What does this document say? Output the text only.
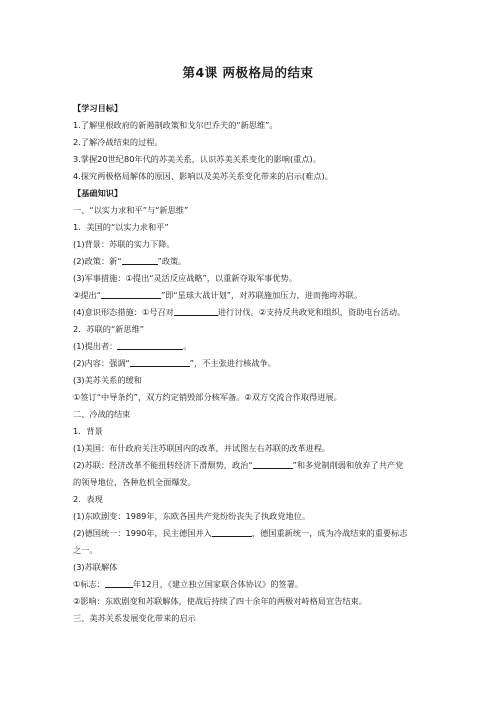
第4课 两极格局的结束
【学习目标】
1.了解里根政府的新遏制政策和戈尔巴乔夫的“新思维”。
2.了解冷战结束的过程。
3.掌握20世纪80年代的苏美关系，认识苏美关系变化的影响(重点)。
4.探究两极格局解体的原因、影响以及美苏关系变化带来的启示(难点)。
【基础知识】
一、“以实力求和平”与“新思维”
1．美国的“以实力求和平”
(1)背景：苏联的实力下降。
(2)政策：新“	”政策。
(3)军事措施：①提出“灵活反应战略”，以重新夺取军事优势。
②提出“	”即“星球大战计划”，对苏联施加压力，进而拖垮苏联。
(4)意识形态措施：①号召对	进行讨伐。②支持反共政党和组织，资助电台活动。
2．苏联的“新思维”
(1)提出者：	。
(2)内容：强调“	”，不主张进行核战争。
(3)美苏关系的缓和
①签订“中导条约”，双方约定销毁部分核军备。②双方交流合作取得进展。
二、冷战的结束
1．背景
(1)美国：布什政府关注苏联国内的改革，并试图左右苏联的改革进程。
(2)苏联：经济改革不能扭转经济下滑颓势，政治“	”和多党制削弱和放弃了共产党
的领导地位，各种危机全面爆发。
2．表现
(1)东欧剧变：1989年，东欧各国共产党纷纷丧失了执政党地位。
(2)德国统一：1990年，民主德国并入	，德国重新统一，成为冷战结束的重要标志
之一。
(3)苏联解体
①标志：	年12月，《建立独立国家联合体协议》的签署。
②影响：东欧剧变和苏联解体，使战后持续了四十余年的两极对峙格局宣告结束。
三、美苏关系发展变化带来的启示
